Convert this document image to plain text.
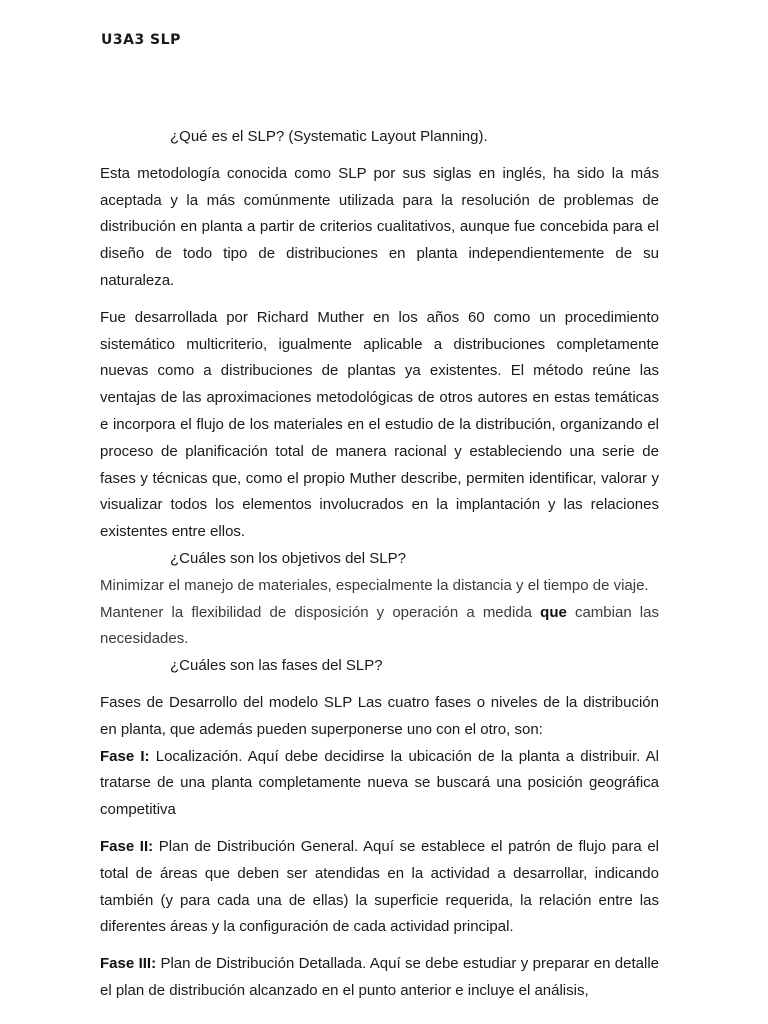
U3A3 SLP

¿Qué es el SLP? (Systematic Layout Planning).

Esta metodología conocida como SLP por sus siglas en inglés, ha sido la más aceptada y la más comúnmente utilizada para la resolución de problemas de distribución en planta a partir de criterios cualitativos, aunque fue concebida para el diseño de todo tipo de distribuciones en planta independientemente de su naturaleza.

Fue desarrollada por Richard Muther en los años 60 como un procedimiento sistemático multicriterio, igualmente aplicable a distribuciones completamente nuevas como a distribuciones de plantas ya existentes. El método reúne las ventajas de las aproximaciones metodológicas de otros autores en estas temáticas e incorpora el flujo de los materiales en el estudio de la distribución, organizando el proceso de planificación total de manera racional y estableciendo una serie de fases y técnicas que, como el propio Muther describe, permiten identificar, valorar y visualizar todos los elementos involucrados en la implantación y las relaciones existentes entre ellos.

¿Cuáles son los objetivos del SLP?

Minimizar el manejo de materiales, especialmente la distancia y el tiempo de viaje.

Mantener la flexibilidad de disposición y operación a medida que cambian las necesidades.

¿Cuáles son las fases del SLP?

Fases de Desarrollo del modelo SLP Las cuatro fases o niveles de la distribución en planta, que además pueden superponerse uno con el otro, son:

Fase I: Localización. Aquí debe decidirse la ubicación de la planta a distribuir. Al tratarse de una planta completamente nueva se buscará una posición geográfica competitiva

Fase II: Plan de Distribución General. Aquí se establece el patrón de flujo para el total de áreas que deben ser atendidas en la actividad a desarrollar, indicando también (y para cada una de ellas) la superficie requerida, la relación entre las diferentes áreas y la configuración de cada actividad principal.

Fase III: Plan de Distribución Detallada. Aquí se debe estudiar y preparar en detalle el plan de distribución alcanzado en el punto anterior e incluye el análisis,
